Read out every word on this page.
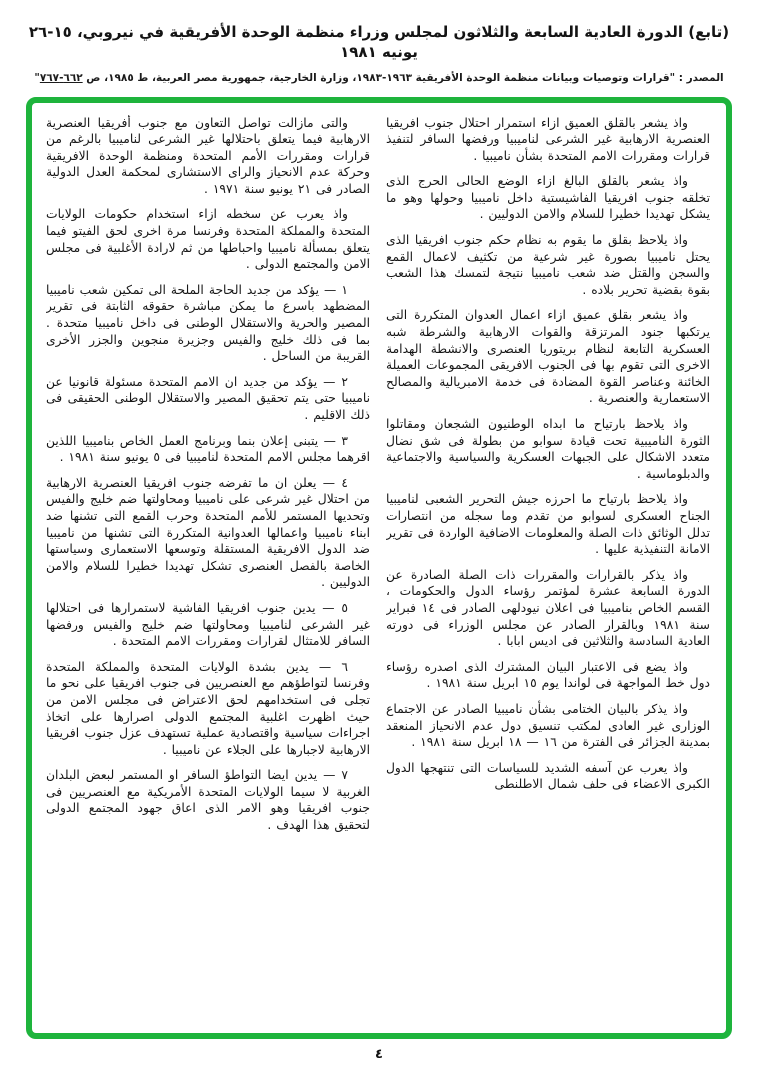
(تابع) الدورة العادية السابعة والثلاثون لمجلس وزراء منظمة الوحدة الأفريقية في نيروبي، ١٥-٢٦ يونيه ١٩٨١
المصدر : "قرارات وتوصيات وبيانات منظمة الوحدة الأفريقية ١٩٦٣-١٩٨٣، وزارة الخارجية، جمهورية مصر العربية، ط ١٩٨٥، ص ٦٦٢-٧٦٧"

واذ يشعر بالقلق العميق ازاء استمرار احتلال جنوب افريقيا العنصرية الارهابية غير الشرعى لناميبيا ورفضها السافر لتنفيذ قرارات ومقررات الامم المتحدة بشأن ناميبيا .

واذ يشعر بالقلق البالغ ازاء الوضع الحالى الحرج الذى تخلقه جنوب افريقيا الفاشيستية داخل ناميبيا وحولها وهو ما يشكل تهديدا خطيرا للسلام والامن الدوليين .

واذ يلاحظ بقلق ما يقوم به نظام حكم جنوب افريقيا الذى يحتل ناميبيا بصورة غير شرعية من تكثيف لاعمال القمع والسجن والقتل ضد شعب ناميبيا نتيجة لتمسك هذا الشعب بقوة بقضية تحرير بلاده .

واذ يشعر بقلق عميق ازاء اعمال العدوان المتكررة التى يرتكبها جنود المرتزقة والقوات الارهابية والشرطة شبه العسكرية التابعة لنظام بريتوريا العنصرى والانشطة الهدامة الاخرى التى تقوم بها فى الجنوب الافريقى المجموعات العميلة الخائنة وعناصر القوة المضادة فى خدمة الامبريالية والمصالح الاستعمارية والعنصرية .

واذ يلاحظ بارتياح ما ابداه الوطنيون الشجعان ومقاتلوا الثورة الناميبية تحت قيادة سوابو من بطولة فى شق نضال متعدد الاشكال على الجبهات العسكرية والسياسية والاجتماعية والدبلوماسية .

واذ يلاحظ بارتياح ما احرزه جيش التحرير الشعبى لناميبيا الجناح العسكرى لسوابو من تقدم وما سجله من انتصارات تدلل الوثائق ذات الصلة والمعلومات الاضافية الواردة فى تقرير الامانة التنفيذية عليها .

واذ يذكر بالقرارات والمقررات ذات الصلة الصادرة عن الدورة السابعة عشرة لمؤتمر رؤساء الدول والحكومات ، القسم الخاص بناميبيا فى اعلان نيودلهى الصادر فى ١٤ فبراير سنة ١٩٨١ وبالقرار الصادر عن مجلس الوزراء فى دورته العادية السادسة والثلاثين فى اديس ابابا .

واذ يضع فى الاعتبار البيان المشترك الذى اصدره رؤساء دول خط المواجهة فى لواندا يوم ١٥ ابريل سنة ١٩٨١ .

واذ يذكر بالبيان الختامى بشأن ناميبيا الصادر عن الاجتماع الوزارى غير العادى لمكتب تنسيق دول عدم الانحياز المنعقد بمدينة الجزائر فى الفترة من ١٦ — ١٨ ابريل سنة ١٩٨١ .

واذ يعرب عن آسفه الشديد للسياسات التى تنتهجها الدول الكبرى الاعضاء فى حلف شمال الاطلنطى

والتى مازالت تواصل التعاون مع جنوب أفريقيا العنصرية الارهابية فيما يتعلق باحتلالها غير الشرعى لناميبيا بالرغم من قرارات ومقررات الأمم المتحدة ومنظمة الوحدة الافريقية وحركة عدم الانحياز والراى الاستشارى لمحكمة العدل الدولية الصادر فى ٢١ يونيو سنة ١٩٧١ .

واذ يعرب عن سخطه ازاء استخدام حكومات الولايات المتحدة والمملكة المتحدة وفرنسا مرة اخرى لحق الفيتو فيما يتعلق بمسألة ناميبيا واحباطها من ثم لارادة الأغلبية فى مجلس الامن والمجتمع الدولى .

١ — يؤكد من جديد الحاجة الملحة الى تمكين شعب ناميبيا المضطهد باسرع ما يمكن مباشرة حقوقه الثابتة فى تقرير المصير والحرية والاستقلال الوطنى فى داخل ناميبيا متحدة . بما فى ذلك خليج والفيس وجزيرة منجوين والجزر الأخرى القريبة من الساحل .

٢ — يؤكد من جديد ان الامم المتحدة مسئولة قانونيا عن ناميبيا حتى يتم تحقيق المصير والاستقلال الوطنى الحقيقى فى ذلك الاقليم .

٣ — يتبنى إعلان بنما وبرنامج العمل الخاص بناميبيا اللذين اقرهما مجلس الامم المتحدة لناميبيا فى ٥ يونيو سنة ١٩٨١ .

٤ — يعلن ان ما تفرضه جنوب افريقيا العنصرية الارهابية من احتلال غير شرعى على ناميبيا ومحاولتها ضم خليج والفيس وتحديها المستمر للأمم المتحدة وحرب القمع التى تشنها ضد ابناء ناميبيا واعمالها العدوانية المتكررة التى تشنها من ناميبيا ضد الدول الافريقية المستقلة وتوسعها الاستعمارى وسياستها الخاصة بالفصل العنصرى تشكل تهديدا خطيرا للسلام والامن الدوليين .

٥ — يدين جنوب افريقيا الفاشية لاستمرارها فى احتلالها غير الشرعى لناميبيا ومحاولتها ضم خليج والفيس ورفضها السافر للامتثال لقرارات ومقررات الامم المتحدة .

٦ — يدين بشدة الولايات المتحدة والمملكة المتحدة وفرنسا لتواطؤهم مع العنصريين فى جنوب افريقيا على نحو ما تجلى فى استخدامهم لحق الاعتراض فى مجلس الامن من حيث اظهرت اغلبية المجتمع الدولى اصرارها على اتخاذ اجراءات سياسية واقتصادية عملية تستهدف عزل جنوب افريقيا الارهابية لاجبارها على الجلاء عن ناميبيا .

٧ — يدين ايضا التواطؤ السافر او المستمر لبعض البلدان الغربية لا سيما الولايات المتحدة الأمريكية مع العنصريين فى جنوب افريقيا وهو الامر الذى اعاق جهود المجتمع الدولى لتحقيق هذا الهدف .

٤
